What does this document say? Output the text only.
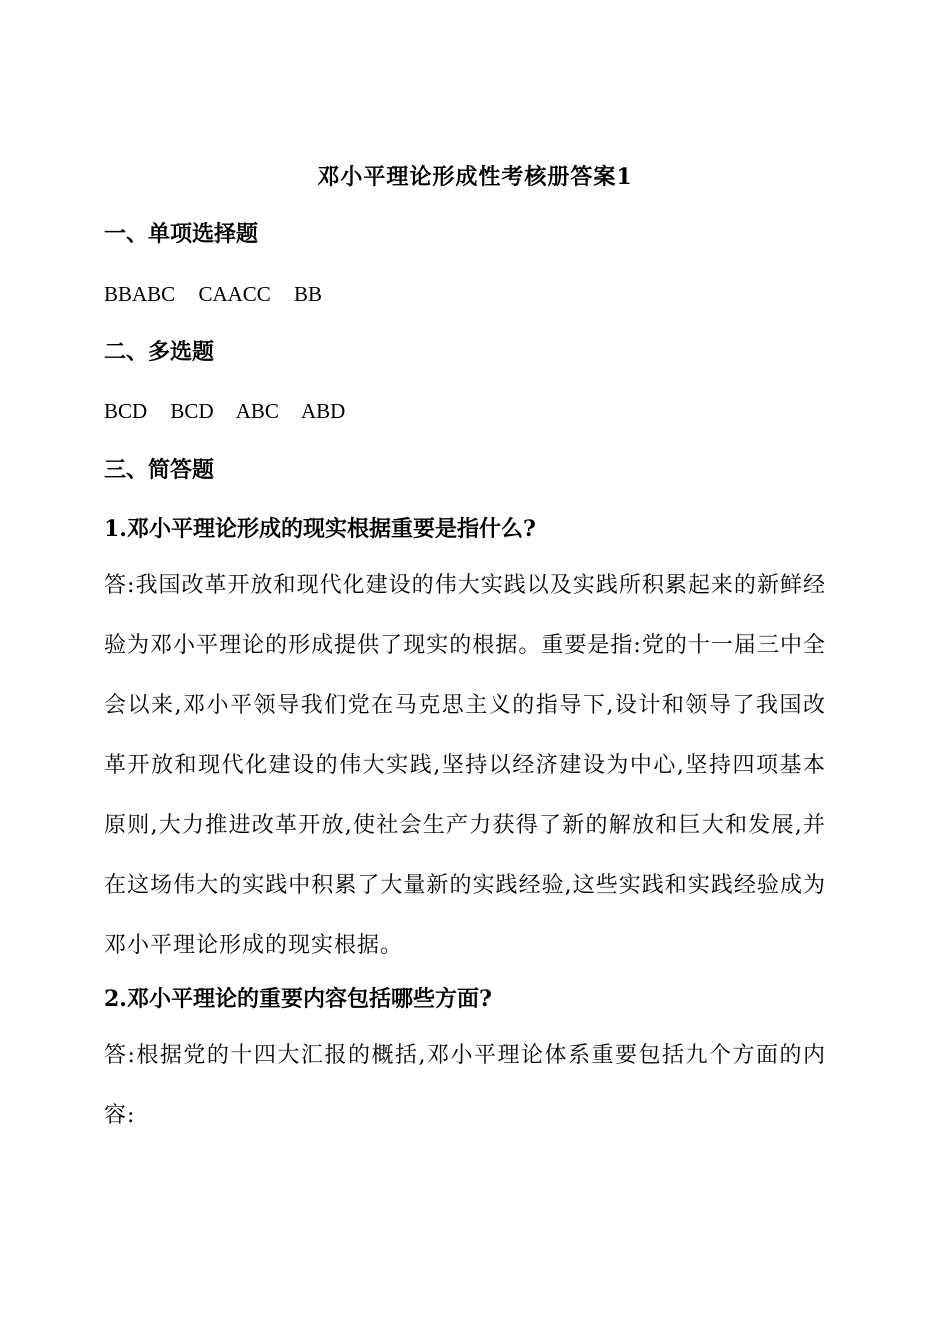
邓小平理论形成性考核册答案1
一、单项选择题
BBABC CAACC BB
二、多选题
BCD BCD ABC ABD
三、简答题
1.邓小平理论形成的现实根据重要是指什么?
答:我国改革开放和现代化建设的伟大实践以及实践所积累起来的新鲜经验为邓小平理论的形成提供了现实的根据。重要是指:党的十一届三中全会以来,邓小平领导我们党在马克思主义的指导下,设计和领导了我国改革开放和现代化建设的伟大实践,坚持以经济建设为中心,坚持四项基本原则,大力推进改革开放,使社会生产力获得了新的解放和巨大和发展,并在这场伟大的实践中积累了大量新的实践经验,这些实践和实践经验成为邓小平理论形成的现实根据。
2.邓小平理论的重要内容包括哪些方面?
答:根据党的十四大汇报的概括,邓小平理论体系重要包括九个方面的内容:
